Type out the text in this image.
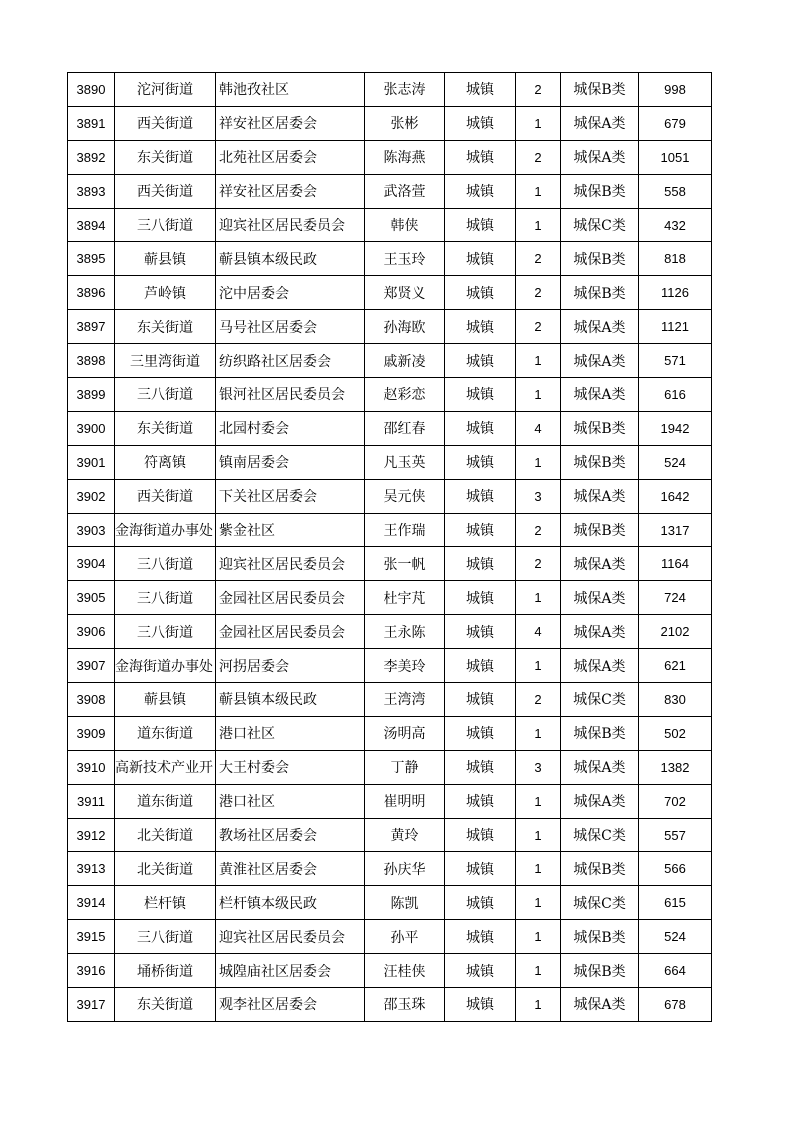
3890	沱河街道	韩池孜社区	张志涛	城镇	2	城保B类	998
3891	西关街道	祥安社区居委会	张彬	城镇	1	城保A类	679
3892	东关街道	北苑社区居委会	陈海燕	城镇	2	城保A类	1051
3893	西关街道	祥安社区居委会	武洛萱	城镇	1	城保B类	558
3894	三八街道	迎宾社区居民委员会	韩侠	城镇	1	城保C类	432
3895	蕲县镇	蕲县镇本级民政	王玉玲	城镇	2	城保B类	818
3896	芦岭镇	沱中居委会	郑贤义	城镇	2	城保B类	1126
3897	东关街道	马号社区居委会	孙海欧	城镇	2	城保A类	1121
3898	三里湾街道	纺织路社区居委会	戚新凌	城镇	1	城保A类	571
3899	三八街道	银河社区居民委员会	赵彩恋	城镇	1	城保A类	616
3900	东关街道	北园村委会	邵红春	城镇	4	城保B类	1942
3901	符离镇	镇南居委会	凡玉英	城镇	1	城保B类	524
3902	西关街道	下关社区居委会	吴元侠	城镇	3	城保A类	1642
3903	金海街道办事处	紫金社区	王作瑞	城镇	2	城保B类	1317
3904	三八街道	迎宾社区居民委员会	张一帆	城镇	2	城保A类	1164
3905	三八街道	金园社区居民委员会	杜宇芃	城镇	1	城保A类	724
3906	三八街道	金园社区居民委员会	王永陈	城镇	4	城保A类	2102
3907	金海街道办事处	河拐居委会	李美玲	城镇	1	城保A类	621
3908	蕲县镇	蕲县镇本级民政	王湾湾	城镇	2	城保C类	830
3909	道东街道	港口社区	汤明高	城镇	1	城保B类	502
3910	高新技术产业开	大王村委会	丁静	城镇	3	城保A类	1382
3911	道东街道	港口社区	崔明明	城镇	1	城保A类	702
3912	北关街道	教场社区居委会	黄玲	城镇	1	城保C类	557
3913	北关街道	黄淮社区居委会	孙庆华	城镇	1	城保B类	566
3914	栏杆镇	栏杆镇本级民政	陈凯	城镇	1	城保C类	615
3915	三八街道	迎宾社区居民委员会	孙平	城镇	1	城保B类	524
3916	埇桥街道	城隍庙社区居委会	汪桂侠	城镇	1	城保B类	664
3917	东关街道	观李社区居委会	邵玉珠	城镇	1	城保A类	678
